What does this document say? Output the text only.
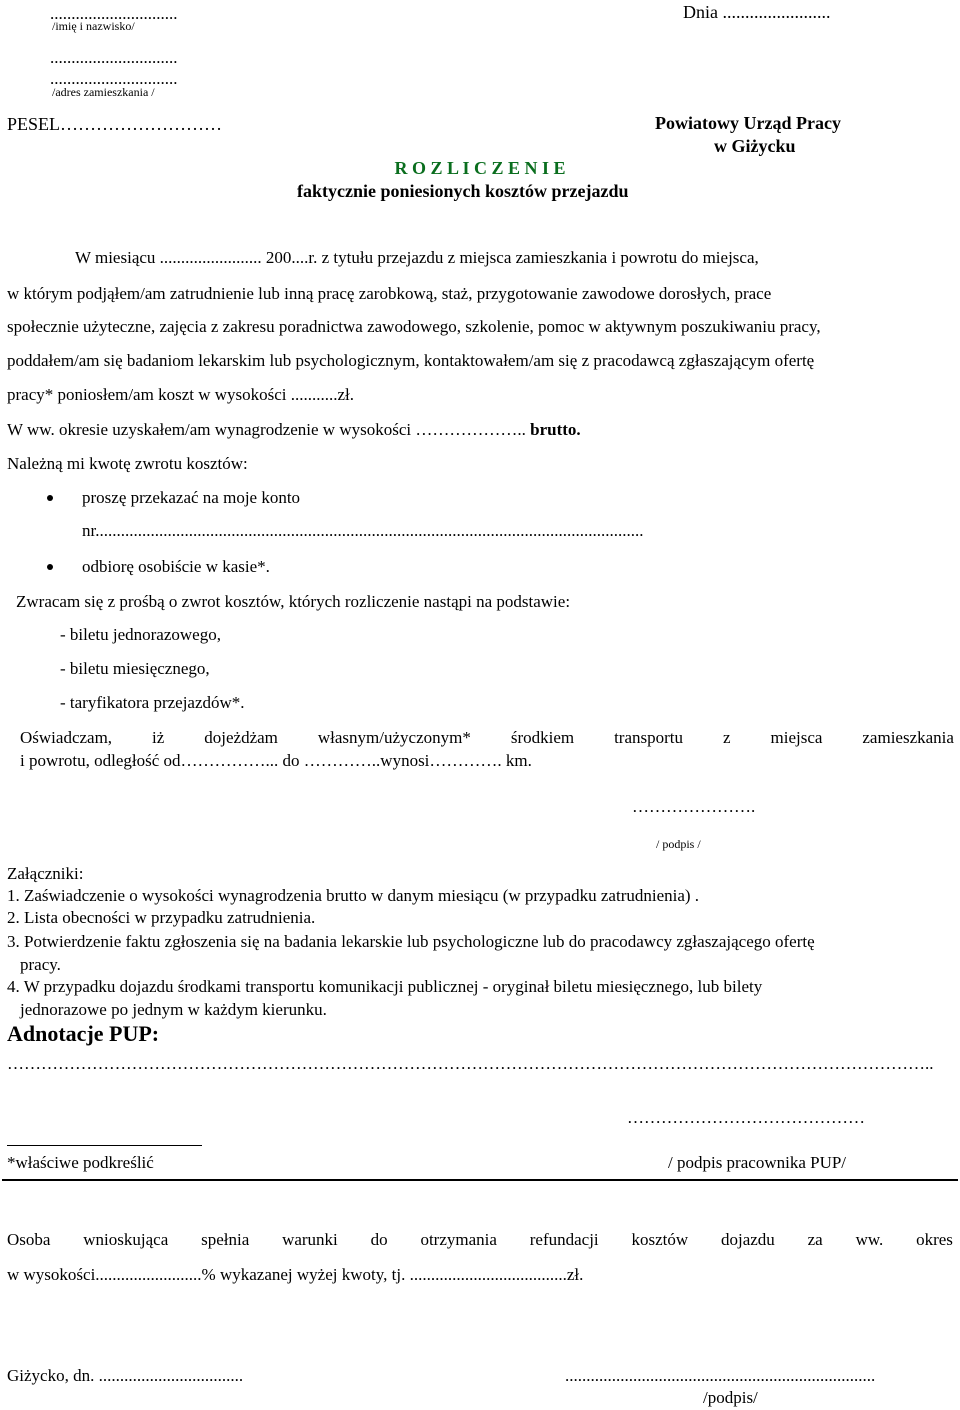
..............................
/imię i nazwisko/
Dnia ........................
..............................
..............................
/adres zamieszkania /
PESEL………………………	Powiatowy Urząd Pracy
w Giżycku
R O Z L I C Z E N I E
faktycznie poniesionych kosztów przejazdu
W miesiącu ........................ 200....r. z tytułu przejazdu z miejsca zamieszkania i powrotu do miejsca,
w którym podjąłem/am zatrudnienie lub inną pracę zarobkową, staż, przygotowanie zawodowe dorosłych, prace
społecznie użyteczne, zajęcia z zakresu poradnictwa zawodowego, szkolenie, pomoc w aktywnym poszukiwaniu pracy,
poddałem/am się badaniom lekarskim lub psychologicznym, kontaktowałem/am się z pracodawcą zgłaszającym ofertę
pracy* poniosłem/am koszt w wysokości ...........zł.
W ww. okresie uzyskałem/am wynagrodzenie w wysokości ……………….. brutto.
Należną mi kwotę zwrotu kosztów:
proszę przekazać na moje konto
nr.................................................................................................................................
odbiorę osobiście w kasie*.
Zwracam się z prośbą o zwrot kosztów, których rozliczenie nastąpi na podstawie:
- biletu jednorazowego,
- biletu miesięcznego,
- taryfikatora przejazdów*.
Oświadczam, iż dojeżdżam własnym/użyczonym* środkiem transportu z miejsca zamieszkania
i powrotu, odległość od……………... do …………..wynosi…………. km.
………………….
/ podpis /
Załączniki:
1. Zaświadczenie o wysokości wynagrodzenia brutto w danym miesiącu (w przypadku zatrudnienia) .
2. Lista obecności w przypadku zatrudnienia.
3. Potwierdzenie faktu zgłoszenia się na badania lekarskie lub psychologiczne lub do pracodawcy zgłaszającego ofertę
pracy.
4. W przypadku dojazdu środkami transportu komunikacji publicznej - oryginał biletu miesięcznego, lub bilety
jednorazowe po jednym w każdym kierunku.
Adnotacje PUP:
………………………………………………………………………………………………………………………………………………..
……………………………………
*właściwe podkreślić	/ podpis pracownika PUP/
Osoba wnioskująca spełnia warunki do otrzymania refundacji kosztów dojazdu za ww. okres
w wysokości.........................% wykazanej wyżej kwoty, tj. .....................................zł.
Giżycko, dn. ..................................	.........................................................................
/podpis/
